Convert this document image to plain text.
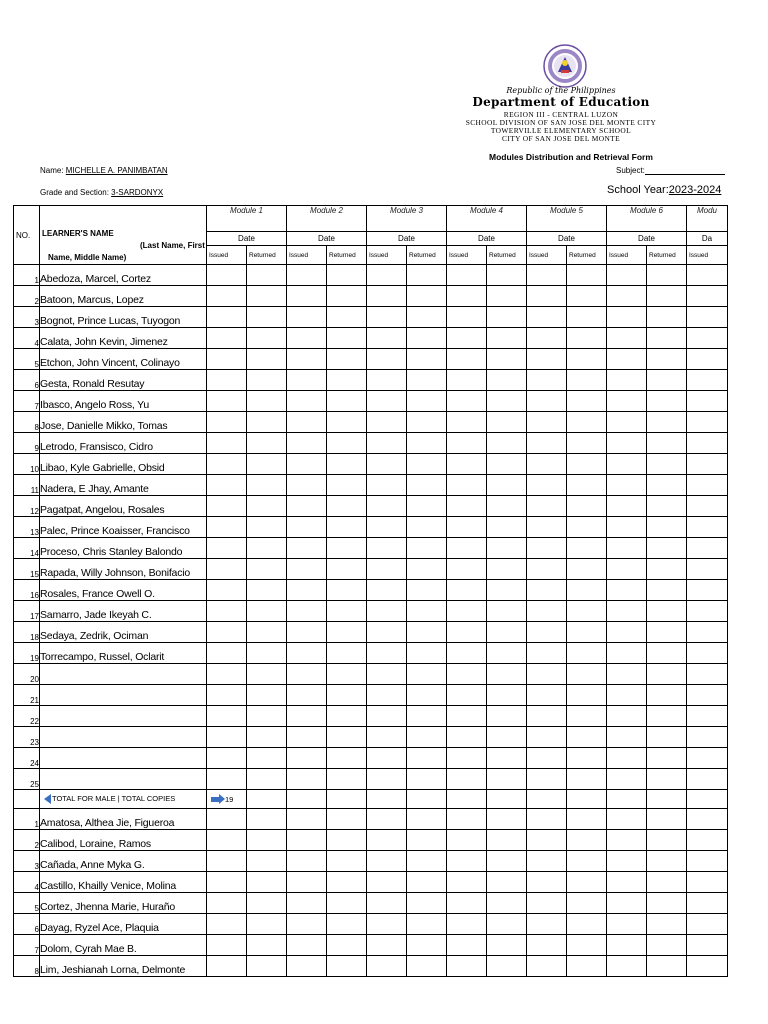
Republic of the Philippines
Department of Education
REGION III - CENTRAL LUZON
SCHOOL DIVISION OF SAN JOSE DEL MONTE CITY
TOWERVILLE ELEMENTARY SCHOOL
CITY OF SAN JOSE DEL MONTE
Modules Distribution and Retrieval Form
Subject:
Name: MICHELLE A. PANIMBATAN
Grade and Section: 3-SARDONYX	School Year:2023-2024
NO.	LEARNER'S NAME
(Last Name, First
Name, Middle Name)	Module 1		Module 2		Module 3		Module 4		Module 5		Module 6		Modu
		Date		Date		Date		Date		Date		Date		Da
		Issued	Returned	Issued	Returned	Issued	Returned	Issued	Returned	Issued	Returned	Issued	Returned	Issued
1	Abedoza, Marcel, Cortez													
2	Batoon, Marcus, Lopez													
3	Bognot, Prince Lucas, Tuyogon													
4	Calata, John Kevin, Jimenez													
5	Etchon, John Vincent, Colinayo													
6	Gesta, Ronald Resutay													
7	Ibasco, Angelo Ross, Yu													
8	Jose, Danielle Mikko, Tomas													
9	Letrodo, Fransisco, Cidro													
10	Libao, Kyle Gabrielle, Obsid													
11	Nadera, E Jhay, Amante													
12	Pagatpat, Angelou, Rosales													
13	Palec, Prince Koaisser, Francisco													
14	Proceso, Chris Stanley Balondo													
15	Rapada, Willy Johnson, Bonifacio													
16	Rosales, France Owell O.													
17	Samarro, Jade Ikeyah C.													
18	Sedaya, Zedrik, Ociman													
19	Torrecampo, Russel, Oclarit													
20														
21														
22														
23														
24														
25														
	TOTAL FOR MALE | TOTAL COPIES	19												
1	Amatosa, Althea Jie, Figueroa													
2	Calibod, Loraine, Ramos													
3	Cañada, Anne Myka G.													
4	Castillo, Khailly Venice, Molina													
5	Cortez, Jhenna Marie, Huraño													
6	Dayag, Ryzel Ace, Plaquia													
7	Dolom, Cyrah Mae B.													
8	Lim, Jeshianah Lorna, Delmonte													
